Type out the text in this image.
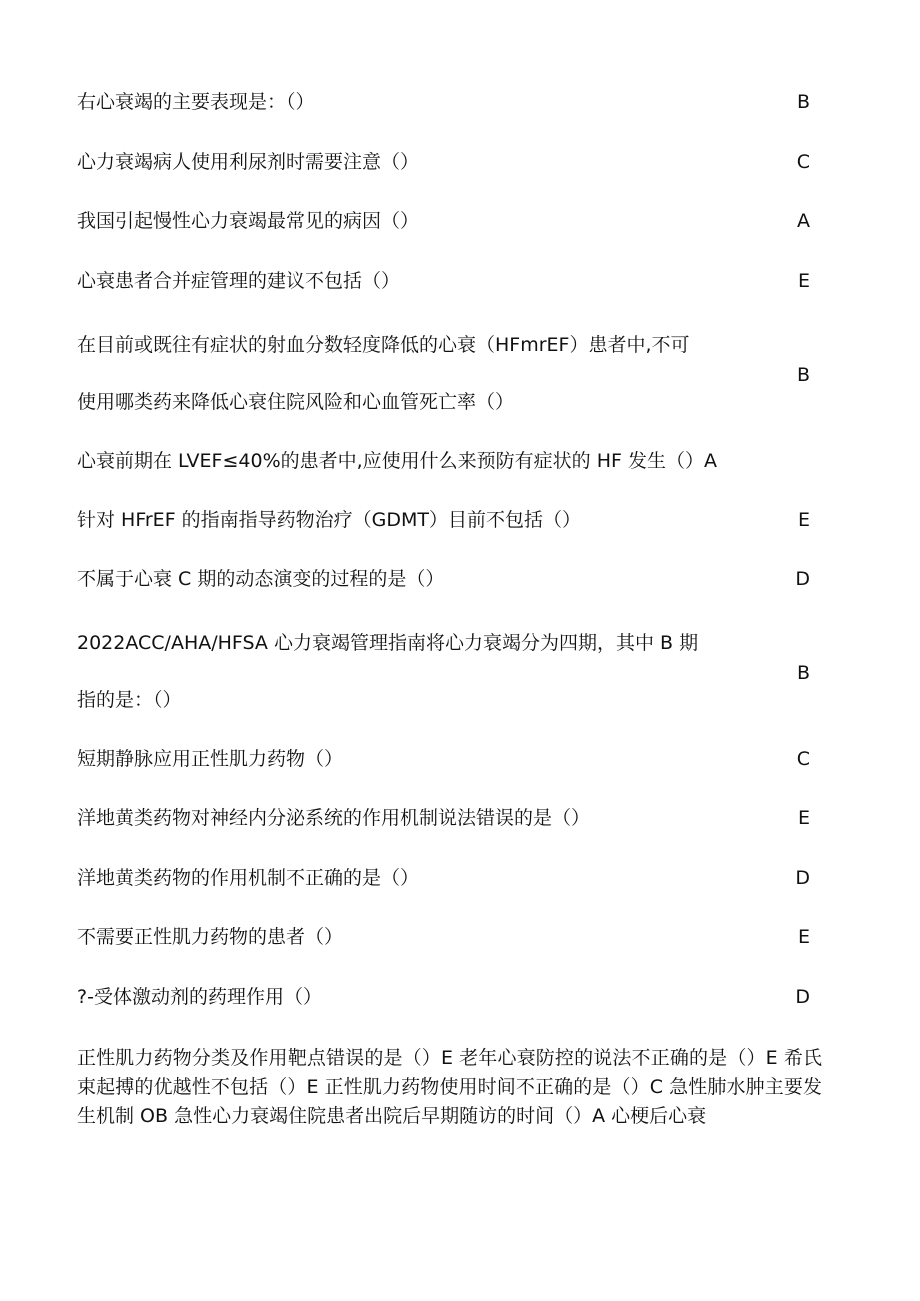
右心衰竭的主要表现是：（）	B
心力衰竭病人使用利尿剂时需要注意（）	C
我国引起慢性心力衰竭最常见的病因（）	A
心衰患者合并症管理的建议不包括（）	E
在目前或既往有症状的射血分数轻度降低的心衰（HFmrEF）患者中,不可
使用哪类药来降低心衰住院风险和心血管死亡率（）
B
心衰前期在 LVEF≤40%的患者中,应使用什么来预防有症状的 HF 发生（）A
针对 HFrEF 的指南指导药物治疗（GDMT）目前不包括（）	E
不属于心衰 C 期的动态演变的过程的是（）	D
2022ACC/AHA/HFSA 心力衰竭管理指南将心力衰竭分为四期，其中 B 期
指的是：（）
B
短期静脉应用正性肌力药物（）	C
洋地黄类药物对神经内分泌系统的作用机制说法错误的是（）	E
洋地黄类药物的作用机制不正确的是（）	D
不需要正性肌力药物的患者（）	E
?-受体激动剂的药理作用（）	D
正性肌力药物分类及作用靶点错误的是（）E 老年心衰防控的说法不正确的是（）E 希氏束起搏的优越性不包括（）E 正性肌力药物使用时间不正确的是（）C 急性肺水肿主要发生机制 OB 急性心力衰竭住院患者出院后早期随访的时间（）A 心梗后心衰
